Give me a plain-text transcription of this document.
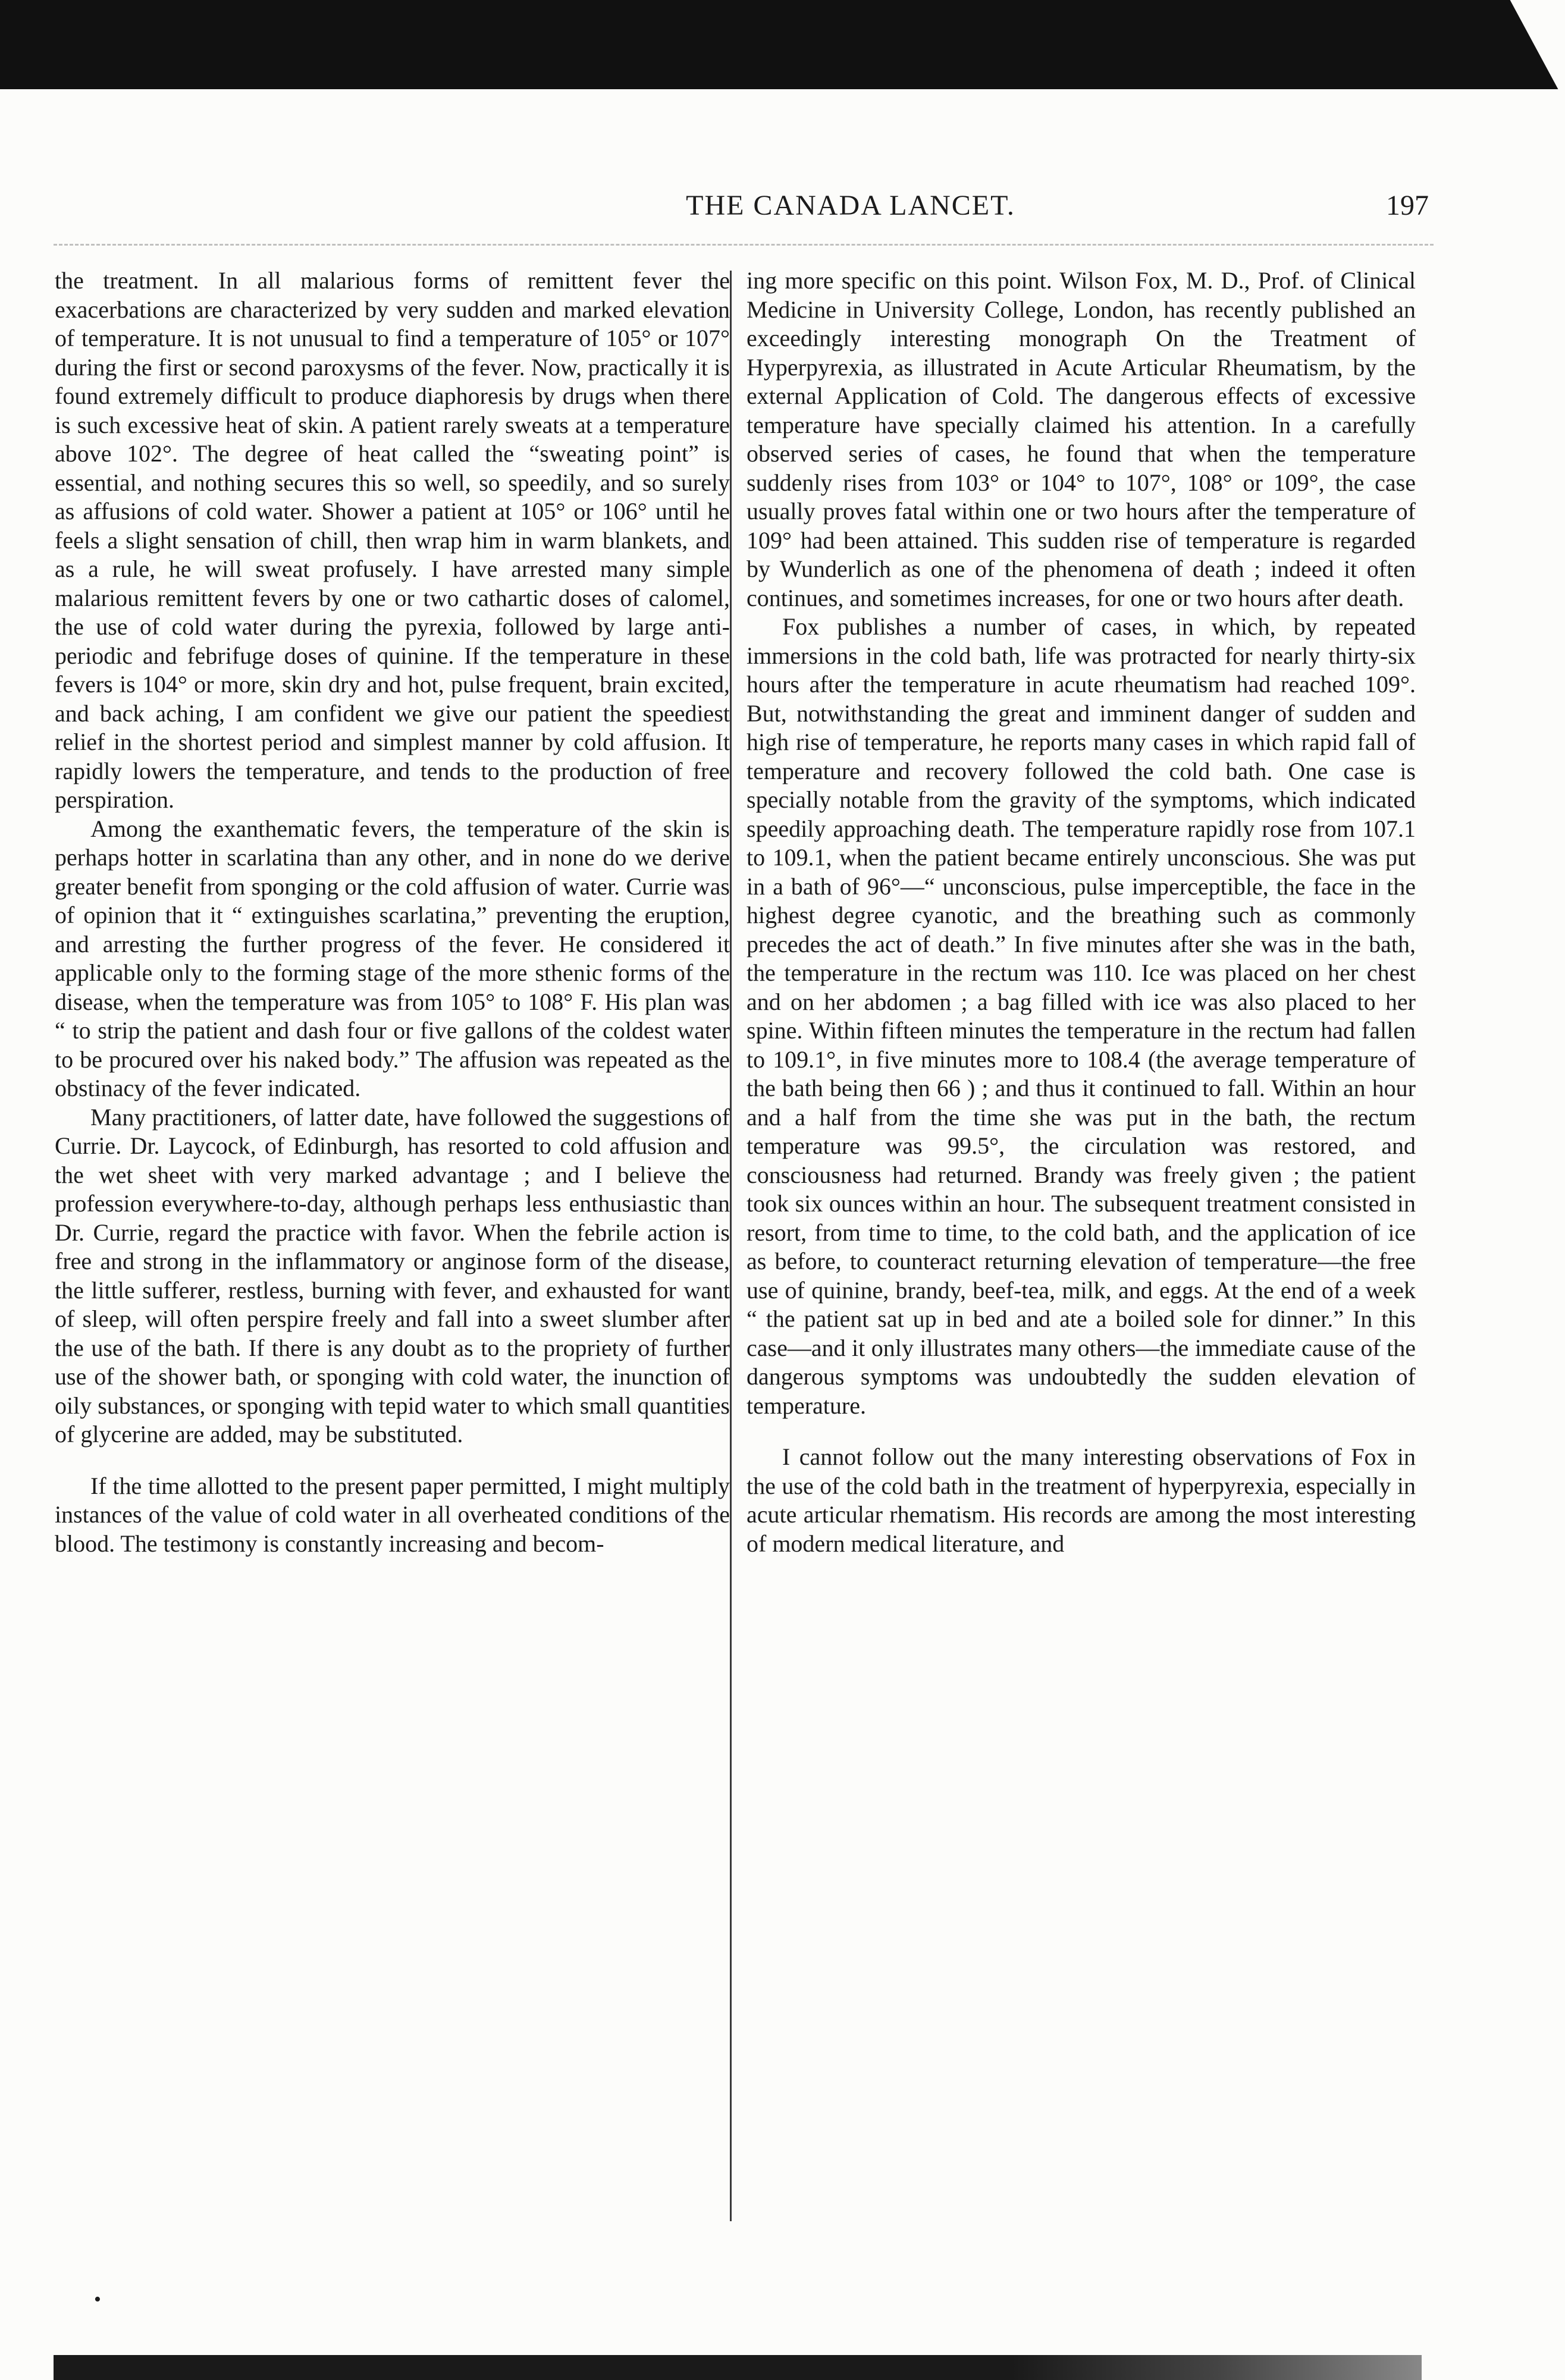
THE CANADA LANCET.	197

the treatment. In all malarious forms of remittent fever the exacerbations are characterized by very sudden and marked elevation of temperature. It is not unusual to find a temperature of 105° or 107° during the first or second paroxysms of the fever. Now, practically it is found extremely difficult to produce diaphoresis by drugs when there is such excessive heat of skin. A patient rarely sweats at a temperature above 102°. The degree of heat called the “sweating point” is essential, and nothing secures this so well, so speedily, and so surely as affusions of cold water. Shower a patient at 105° or 106° until he feels a slight sensation of chill, then wrap him in warm blankets, and as a rule, he will sweat profusely. I have arrested many simple malarious remittent fevers by one or two cathartic doses of calomel, the use of cold water during the pyrexia, followed by large anti-periodic and febrifuge doses of quinine. If the temperature in these fevers is 104° or more, skin dry and hot, pulse frequent, brain excited, and back aching, I am confident we give our patient the speediest relief in the shortest period and simplest manner by cold affusion. It rapidly lowers the temperature, and tends to the production of free perspiration.

Among the exanthematic fevers, the temperature of the skin is perhaps hotter in scarlatina than any other, and in none do we derive greater benefit from sponging or the cold affusion of water. Currie was of opinion that it “ extinguishes scarlatina,” preventing the eruption, and arresting the further progress of the fever. He considered it applicable only to the forming stage of the more sthenic forms of the disease, when the temperature was from 105° to 108° F. His plan was “ to strip the patient and dash four or five gallons of the coldest water to be procured over his naked body.” The affusion was repeated as the obstinacy of the fever indicated.

Many practitioners, of latter date, have followed the suggestions of Currie. Dr. Laycock, of Edinburgh, has resorted to cold affusion and the wet sheet with very marked advantage ; and I believe the profession everywhere-to-day, although perhaps less enthusiastic than Dr. Currie, regard the practice with favor. When the febrile action is free and strong in the inflammatory or anginose form of the disease, the little sufferer, restless, burning with fever, and exhausted for want of sleep, will often perspire freely and fall into a sweet slumber after the use of the bath. If there is any doubt as to the propriety of further use of the shower bath, or sponging with cold water, the inunction of oily substances, or sponging with tepid water to which small quantities of glycerine are added, may be substituted.

If the time allotted to the present paper permitted, I might multiply instances of the value of cold water in all overheated conditions of the blood. The testimony is constantly increasing and becom-

ing more specific on this point. Wilson Fox, M. D., Prof. of Clinical Medicine in University College, London, has recently published an exceedingly interesting monograph On the Treatment of Hyperpyrexia, as illustrated in Acute Articular Rheumatism, by the external Application of Cold. The dangerous effects of excessive temperature have specially claimed his attention. In a carefully observed series of cases, he found that when the temperature suddenly rises from 103° or 104° to 107°, 108° or 109°, the case usually proves fatal within one or two hours after the temperature of 109° had been attained. This sudden rise of temperature is regarded by Wunderlich as one of the phenomena of death ; indeed it often continues, and sometimes increases, for one or two hours after death.

Fox publishes a number of cases, in which, by repeated immersions in the cold bath, life was protracted for nearly thirty-six hours after the temperature in acute rheumatism had reached 109°. But, notwithstanding the great and imminent danger of sudden and high rise of temperature, he reports many cases in which rapid fall of temperature and recovery followed the cold bath. One case is specially notable from the gravity of the symptoms, which indicated speedily approaching death. The temperature rapidly rose from 107.1 to 109.1, when the patient became entirely unconscious. She was put in a bath of 96°—“ unconscious, pulse imperceptible, the face in the highest degree cyanotic, and the breathing such as commonly precedes the act of death.” In five minutes after she was in the bath, the temperature in the rectum was 110. Ice was placed on her chest and on her abdomen ; a bag filled with ice was also placed to her spine. Within fifteen minutes the temperature in the rectum had fallen to 109.1°, in five minutes more to 108.4 (the average temperature of the bath being then 66 ) ; and thus it continued to fall. Within an hour and a half from the time she was put in the bath, the rectum temperature was 99.5°, the circulation was restored, and consciousness had returned. Brandy was freely given ; the patient took six ounces within an hour. The subsequent treatment consisted in resort, from time to time, to the cold bath, and the application of ice as before, to counteract returning elevation of temperature—the free use of quinine, brandy, beef-tea, milk, and eggs. At the end of a week “ the patient sat up in bed and ate a boiled sole for dinner.” In this case—and it only illustrates many others—the immediate cause of the dangerous symptoms was undoubtedly the sudden elevation of temperature.

I cannot follow out the many interesting observations of Fox in the use of the cold bath in the treatment of hyperpyrexia, especially in acute articular rhematism. His records are among the most interesting of modern medical literature, and

•
